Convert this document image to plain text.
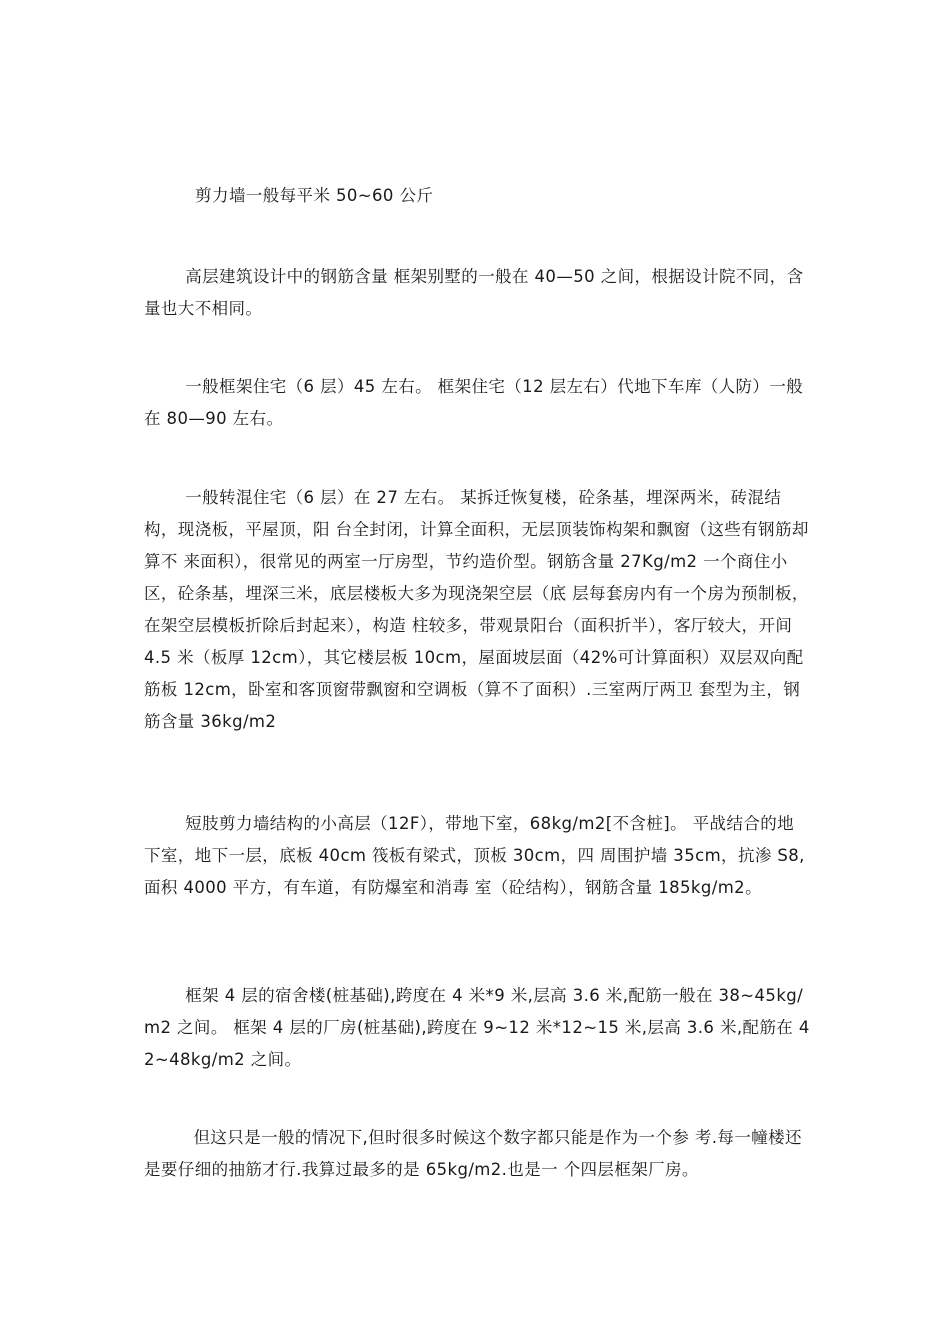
剪力墙一般每平米 50~60 公斤

高层建筑设计中的钢筋含量 框架别墅的一般在 40—50 之间，根据设计院不同，含量也大不相同。

一般框架住宅（6 层）45 左右。 框架住宅（12 层左右）代地下车库（人防）一般在 80—90 左右。

一般转混住宅（6 层）在 27 左右。 某拆迁恢复楼，砼条基，埋深两米，砖混结构，现浇板，平屋顶，阳 台全封闭，计算全面积，无层顶装饰构架和飘窗（这些有钢筋却算不 来面积），很常见的两室一厅房型，节约造价型。钢筋含量 27Kg/m2 一个商住小区，砼条基，埋深三米，底层楼板大多为现浇架空层（底 层每套房内有一个房为预制板，在架空层模板折除后封起来），构造 柱较多，带观景阳台（面积折半），客厅较大，开间 4.5 米（板厚 12cm），其它楼层板 10cm，屋面坡层面（42%可计算面积）双层双向配筋板 12cm，卧室和客顶窗带飘窗和空调板（算不了面积）.三室两厅两卫 套型为主，钢筋含量 36kg/m2

短肢剪力墙结构的小高层（12F），带地下室，68kg/m2[不含桩]。 平战结合的地下室，地下一层，底板 40cm 筏板有梁式，顶板 30cm，四 周围护墙 35cm，抗渗 S8,面积 4000 平方，有车道，有防爆室和消毒 室（砼结构），钢筋含量 185kg/m2。

框架 4 层的宿舍楼(桩基础),跨度在 4 米*9 米,层高 3.6 米,配筋一般在 38~45kg/m2 之间。 框架 4 层的厂房(桩基础),跨度在 9~12 米*12~15 米,层高 3.6 米,配筋在 42~48kg/m2 之间。

但这只是一般的情况下,但时很多时候这个数字都只能是作为一个参 考.每一幢楼还是要仔细的抽筋才行.我算过最多的是 65kg/m2.也是一 个四层框架厂房。
